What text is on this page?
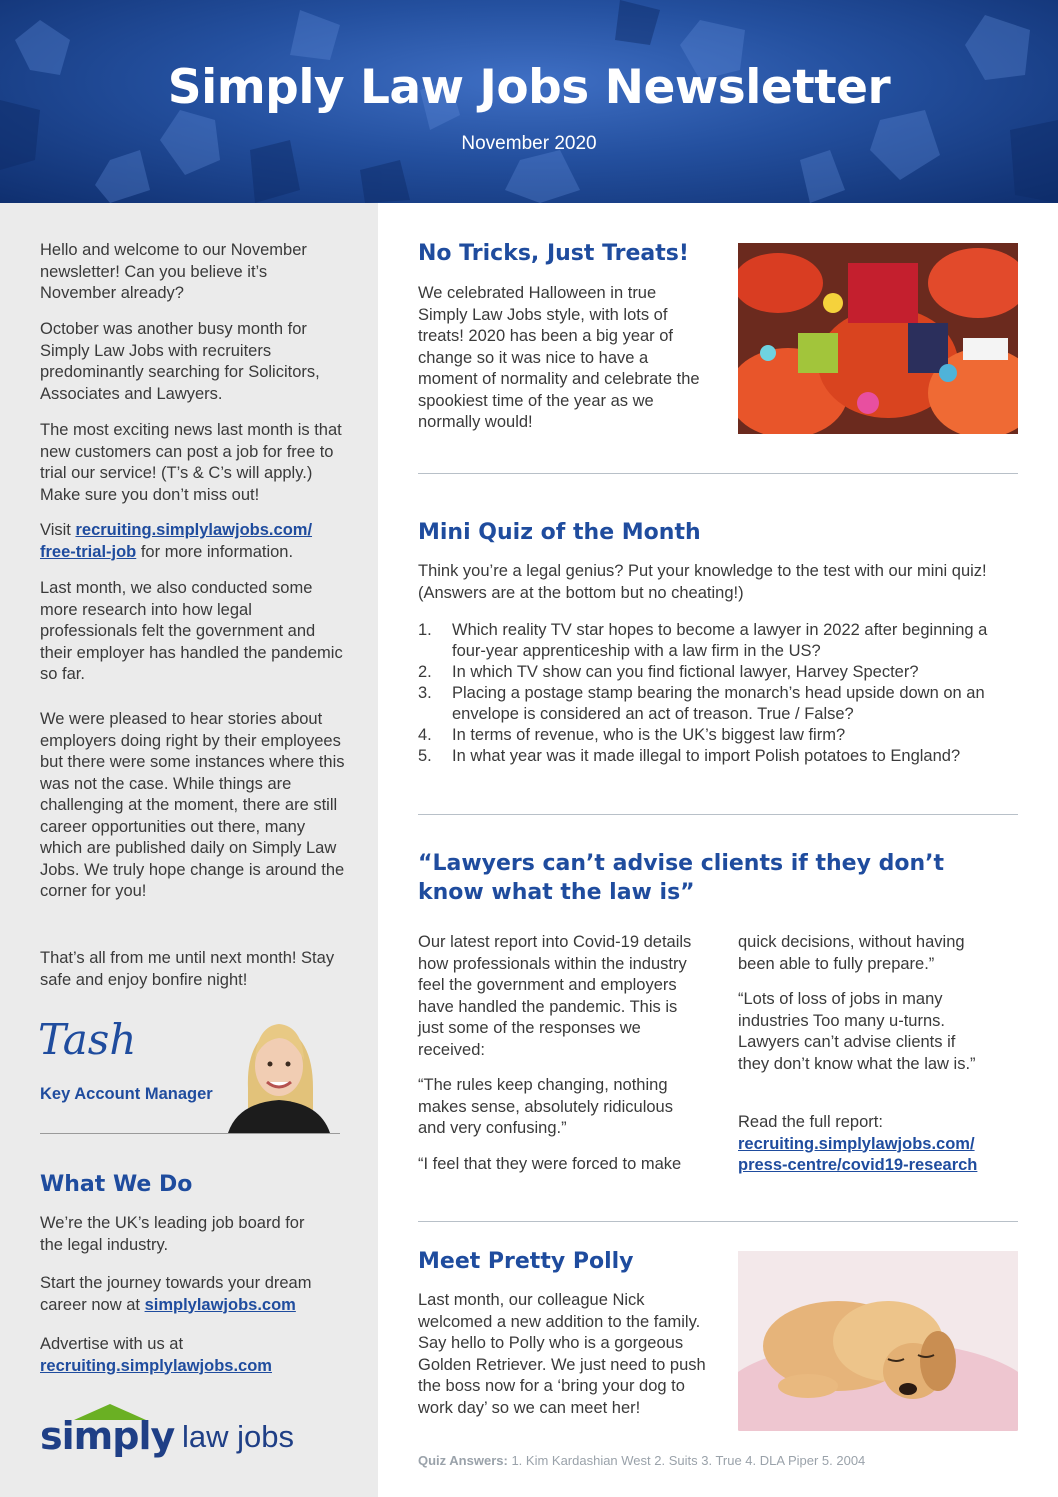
Simply Law Jobs Newsletter
November 2020
Hello and welcome to our November newsletter! Can you believe it’s November already?
October was another busy month for Simply Law Jobs with recruiters predominantly searching for Solicitors, Associates and Lawyers.
The most exciting news last month is that new customers can post a job for free to trial our service! (T’s & C’s will apply.) Make sure you don’t miss out!
Visit recruiting.simplylawjobs.com/
free-trial-job for more information.
Last month, we also conducted some more research into how legal professionals felt the government and their employer has handled the pandemic so far.
We were pleased to hear stories about employers doing right by their employees but there were some instances where this was not the case. While things are challenging at the moment, there are still career opportunities out there, many which are published daily on Simply Law Jobs. We truly hope change is around the corner for you!
That’s all from me until next month! Stay safe and enjoy bonfire night!
Tash
Key Account Manager
What We Do
We’re the UK’s leading job board for the legal industry.
Start the journey towards your dream career now at simplylawjobs.com
Advertise with us at
recruiting.simplylawjobs.com
simply law jobs
No Tricks, Just Treats!
We celebrated Halloween in true Simply Law Jobs style, with lots of treats! 2020 has been a big year of change so it was nice to have a moment of normality and celebrate the spookiest time of the year as we normally would!
Mini Quiz of the Month
Think you’re a legal genius? Put your knowledge to the test with our mini quiz! (Answers are at the bottom but no cheating!)
1. Which reality TV star hopes to become a lawyer in 2022 after beginning a four-year apprenticeship with a law firm in the US?
2. In which TV show can you find fictional lawyer, Harvey Specter?
3. Placing a postage stamp bearing the monarch’s head upside down on an envelope is considered an act of treason. True / False?
4. In terms of revenue, who is the UK’s biggest law firm?
5. In what year was it made illegal to import Polish potatoes to England?
“Lawyers can’t advise clients if they don’t
know what the law is”
Our latest report into Covid-19 details how professionals within the industry feel the government and employers have handled the pandemic. This is just some of the responses we received:
“The rules keep changing, nothing makes sense, absolutely ridiculous and very confusing.”
“I feel that they were forced to make
quick decisions, without having been able to fully prepare.”
“Lots of loss of jobs in many industries Too many u-turns. Lawyers can’t advise clients if they don’t know what the law is.”
Read the full report:
recruiting.simplylawjobs.com/
press-centre/covid19-research
Meet Pretty Polly
Last month, our colleague Nick welcomed a new addition to the family. Say hello to Polly who is a gorgeous Golden Retriever. We just need to push the boss now for a ‘bring your dog to work day’ so we can meet her!
Quiz Answers: 1. Kim Kardashian West 2. Suits 3. True 4. DLA Piper 5. 2004
